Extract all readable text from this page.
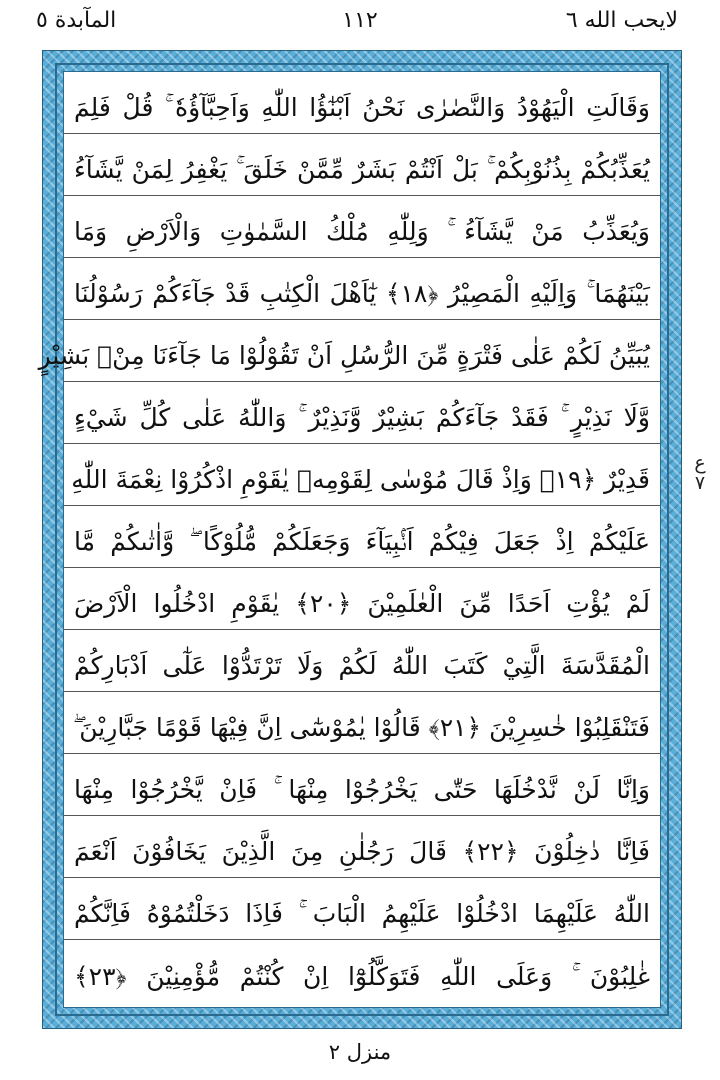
المآبدة ٥	١١٢	لايحب الله ٦
وَقَالَتِ الْيَهُوْدُ وَالنَّصٰرٰى نَحْنُ اَبْنٰٓؤُا اللّٰهِ وَاَحِبَّآؤُهٗ ۚ قُلْ فَلِمَ
يُعَذِّبُكُمْ بِذُنُوْبِكُمْ ۚ بَلْ اَنْتُمْ بَشَرٌ مِّمَّنْ خَلَقَ ۚ يَغْفِرُ لِمَنْ يَّشَآءُ
وَيُعَذِّبُ مَنْ يَّشَآءُ ۚ وَلِلّٰهِ مُلْكُ السَّمٰوٰتِ وَالْاَرْضِ وَمَا
بَيْنَهُمَا ۚ وَاِلَيْهِ الْمَصِيْرُ ﴿١٨﴾ يٰٓاَهْلَ الْكِتٰبِ قَدْ جَآءَكُمْ رَسُوْلُنَا
يُبَيِّنُ لَكُمْ عَلٰى فَتْرَةٍ مِّنَ الرُّسُلِ اَنْ تَقُوْلُوْا مَا جَآءَنَا مِنْۢ بَشِيْرٍ
وَّلَا نَذِيْرٍ ۚ فَقَدْ جَآءَكُمْ بَشِيْرٌ وَّنَذِيْرٌ ۚ وَاللّٰهُ عَلٰى كُلِّ شَيْءٍ
قَدِيْرٌ ﴿١٩﴾ وَاِذْ قَالَ مُوْسٰى لِقَوْمِهٖ يٰقَوْمِ اذْكُرُوْا نِعْمَةَ اللّٰهِ
عَلَيْكُمْ اِذْ جَعَلَ فِيْكُمْ اَنْۢبِيَآءَ وَجَعَلَكُمْ مُّلُوْكًا ۖ وَّاٰتٰىكُمْ مَّا
لَمْ يُؤْتِ اَحَدًا مِّنَ الْعٰلَمِيْنَ ﴿٢٠﴾ يٰقَوْمِ ادْخُلُوا الْاَرْضَ
الْمُقَدَّسَةَ الَّتِيْ كَتَبَ اللّٰهُ لَكُمْ وَلَا تَرْتَدُّوْا عَلٰٓى اَدْبَارِكُمْ
فَتَنْقَلِبُوْا خٰسِرِيْنَ ﴿٢١﴾ قَالُوْا يٰمُوْسٰٓى اِنَّ فِيْهَا قَوْمًا جَبَّارِيْنَ ۖ
وَاِنَّا لَنْ نَّدْخُلَهَا حَتّٰى يَخْرُجُوْا مِنْهَا ۚ فَاِنْ يَّخْرُجُوْا مِنْهَا
فَاِنَّا دٰخِلُوْنَ ﴿٢٢﴾ قَالَ رَجُلٰنِ مِنَ الَّذِيْنَ يَخَافُوْنَ اَنْعَمَ
اللّٰهُ عَلَيْهِمَا ادْخُلُوْا عَلَيْهِمُ الْبَابَ ۚ فَاِذَا دَخَلْتُمُوْهُ فَاِنَّكُمْ
غٰلِبُوْنَ ۚ وَعَلَى اللّٰهِ فَتَوَكَّلُوْٓا اِنْ كُنْتُمْ مُّؤْمِنِيْنَ ﴿٢٣﴾
ع ٧
منزل ٢
